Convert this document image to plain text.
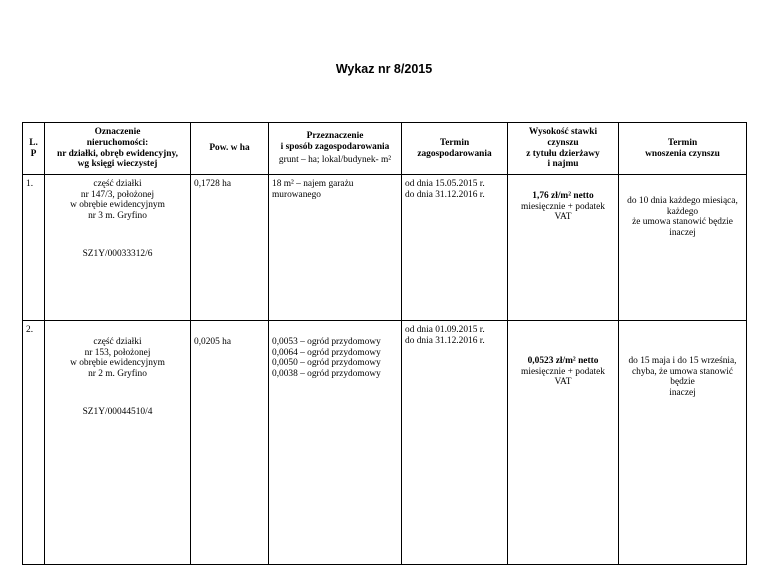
Wykaz nr 8/2015
L. P	Oznaczenie
nieruchomości:
nr działki, obręb ewidencyjny,
wg księgi wieczystej	Pow. w ha	Przeznaczenie
i sposób zagospodarowania
grunt – ha; lokal/budynek- m²	Termin
zagospodarowania	Wysokość stawki
czynszu
z tytułu dzierżawy
i najmu	Termin
wnoszenia czynszu

1.	część działki
nr 147/3, położonej
w obrębie ewidencyjnym
nr 3 m. Gryfino
SZ1Y/00033312/6	0,1728 ha	18 m² – najem garażu
murowanego	od dnia 15.05.2015 r.
do dnia 31.12.2016 r.	1,76 zł/m² netto
miesięcznie + podatek
VAT	do 10 dnia każdego miesiąca,
każdego
że umowa stanowić będzie inaczej

2.	część działki
nr 153, położonej
w obrębie ewidencyjnym
nr 2 m. Gryfino
SZ1Y/00044510/4	0,0205 ha	0,0053 – ogród przydomowy
0,0064 – ogród przydomowy
0,0050 – ogród przydomowy
0,0038 – ogród przydomowy	od dnia 01.09.2015 r.
do dnia 31.12.2016 r.	0,0523 zł/m² netto
miesięcznie + podatek
VAT	do 15 maja i do 15 września,
chyba, że umowa stanowić będzie
inaczej
